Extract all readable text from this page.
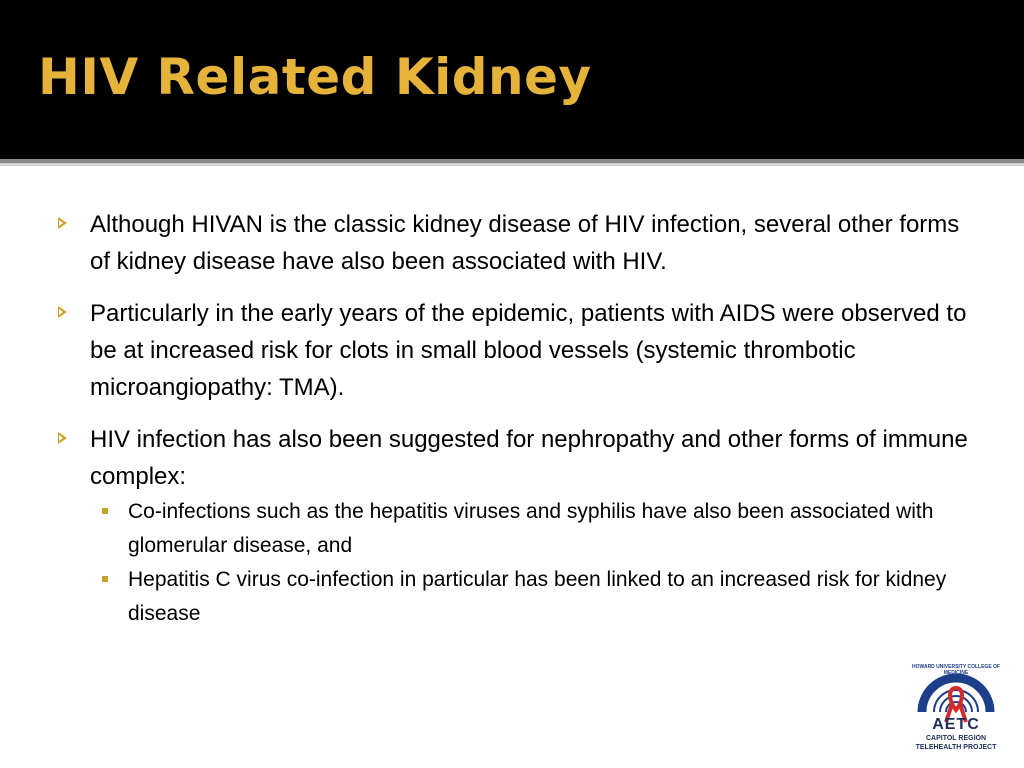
HIV Related Kidney
Although HIVAN is the classic kidney disease of HIV infection, several other forms of kidney disease have also been associated with HIV.
Particularly in the early years of the epidemic, patients with AIDS were observed to be at increased risk for clots in small blood vessels (systemic thrombotic microangiopathy: TMA).
HIV infection has also been suggested for nephropathy and other forms of immune complex:
Co-infections such as the hepatitis viruses and syphilis have also been associated with glomerular disease, and
Hepatitis C virus co-infection in particular has been linked to an increased risk for kidney disease
HOWARD UNIVERSITY COLLEGE OF MEDICINE
AETC
CAPITOL REGION
TELEHEALTH PROJECT
